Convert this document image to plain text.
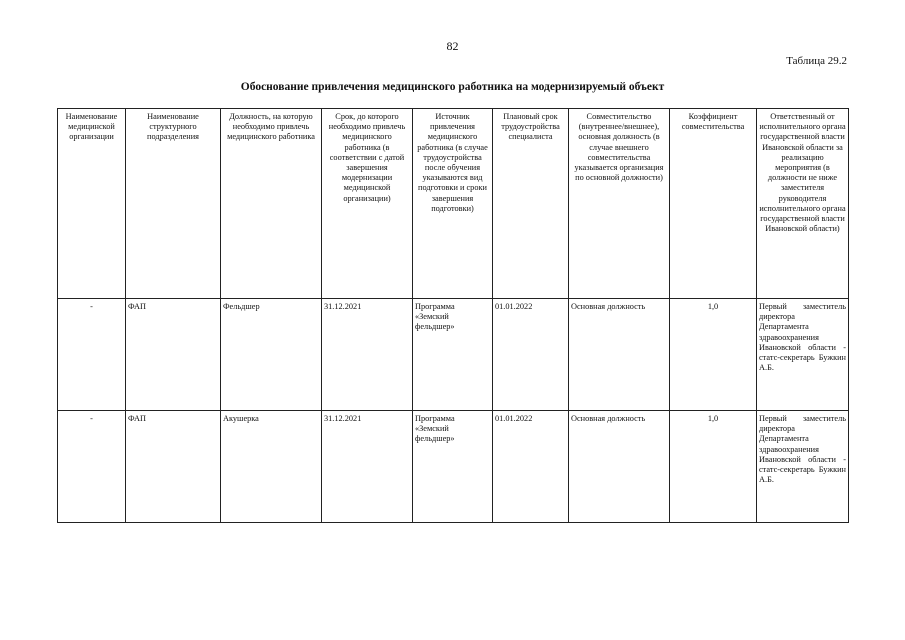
82
Таблица 29.2
Обоснование привлечения медицинского работника на модернизируемый объект
Наименование медицинской организации	Наименование структурного подразделения	Должность, на которую необходимо привлечь медицинского работника	Срок, до которого необходимо привлечь медицинского работника (в соответствии с датой завершения модернизации медицинской организации)	Источник привлечения медицинского работника (в случае трудоустройства после обучения указываются вид подготовки и сроки завершения подготовки)	Плановый срок трудоустройства специалиста	Совместительство (внутреннее/внешнее), основная должность (в случае внешнего совместительства указывается организация по основной должности)	Коэффициент совместительства	Ответственный от исполнительного органа государственной власти Ивановской области за реализацию мероприятия (в должности не ниже заместителя руководителя исполнительного органа государственной власти Ивановской области)
-	ФАП	Фельдшер	31.12.2021	Программа «Земский фельдшер»	01.01.2022	Основная должность	1,0	Первый заместитель директора Департамента здравоохранения Ивановской области - статс-секретарь Бужкин А.Б.
-	ФАП	Акушерка	31.12.2021	Программа «Земский фельдшер»	01.01.2022	Основная должность	1,0	Первый заместитель директора Департамента здравоохранения Ивановской области - статс-секретарь Бужкин А.Б.
